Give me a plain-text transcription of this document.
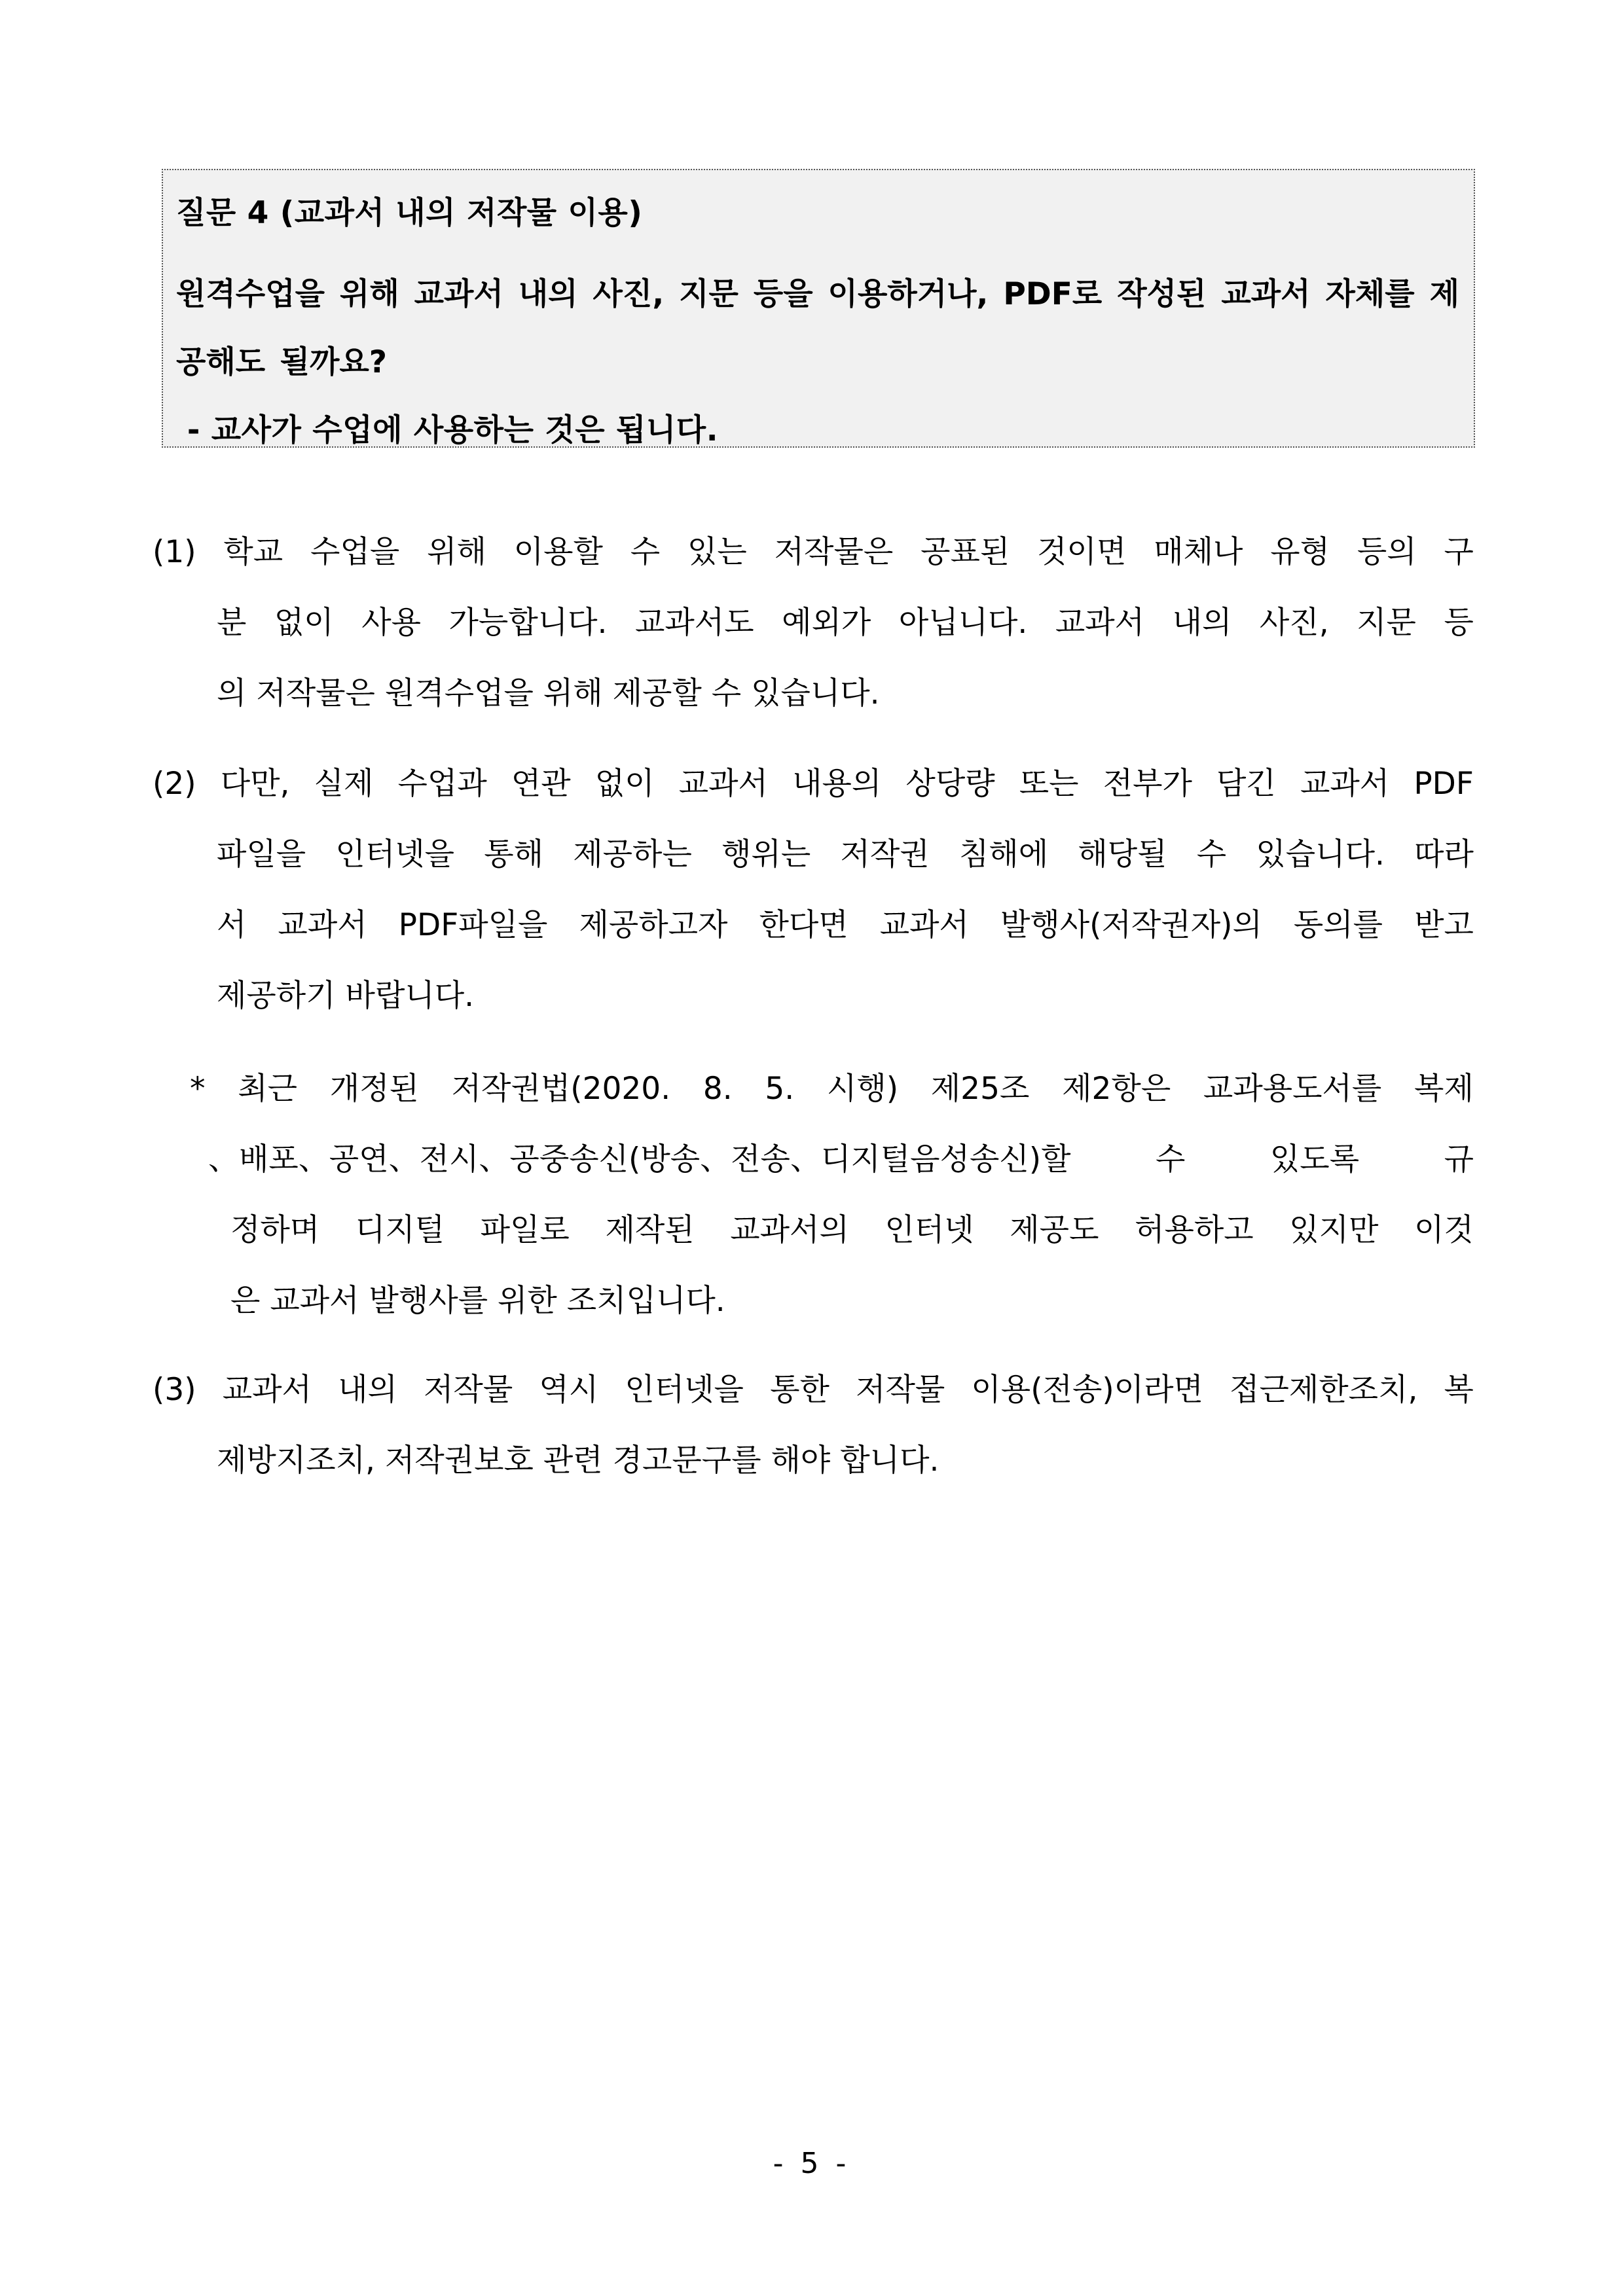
질문 4 (교과서 내의 저작물 이용)
원격수업을 위해 교과서 내의 사진, 지문 등을 이용하거나, PDF로 작성된 교과서 자체를 제공해도 될까요?
- 교사가 수업에 사용하는 것은 됩니다.
(1) 학교 수업을 위해 이용할 수 있는 저작물은 공표된 것이면 매체나 유형 등의 구
분 없이 사용 가능합니다. 교과서도 예외가 아닙니다. 교과서 내의 사진, 지문 등
의 저작물은 원격수업을 위해 제공할 수 있습니다.
(2) 다만, 실제 수업과 연관 없이 교과서 내용의 상당량 또는 전부가 담긴 교과서 PDF
파일을 인터넷을 통해 제공하는 행위는 저작권 침해에 해당될 수 있습니다. 따라
서 교과서 PDF파일을 제공하고자 한다면 교과서 발행사(저작권자)의 동의를 받고
제공하기 바랍니다.
* 최근 개정된 저작권법(2020. 8. 5. 시행) 제25조 제2항은 교과용도서를 복제
、배포、공연、전시、공중송신(방송、전송、디지털음성송신)할	수	있도록	규
정하며 디지털 파일로 제작된 교과서의 인터넷 제공도 허용하고 있지만 이것
은 교과서 발행사를 위한 조치입니다.
(3) 교과서 내의 저작물 역시 인터넷을 통한 저작물 이용(전송)이라면 접근제한조치, 복
제방지조치, 저작권보호 관련 경고문구를 해야 합니다.
- 5 -
